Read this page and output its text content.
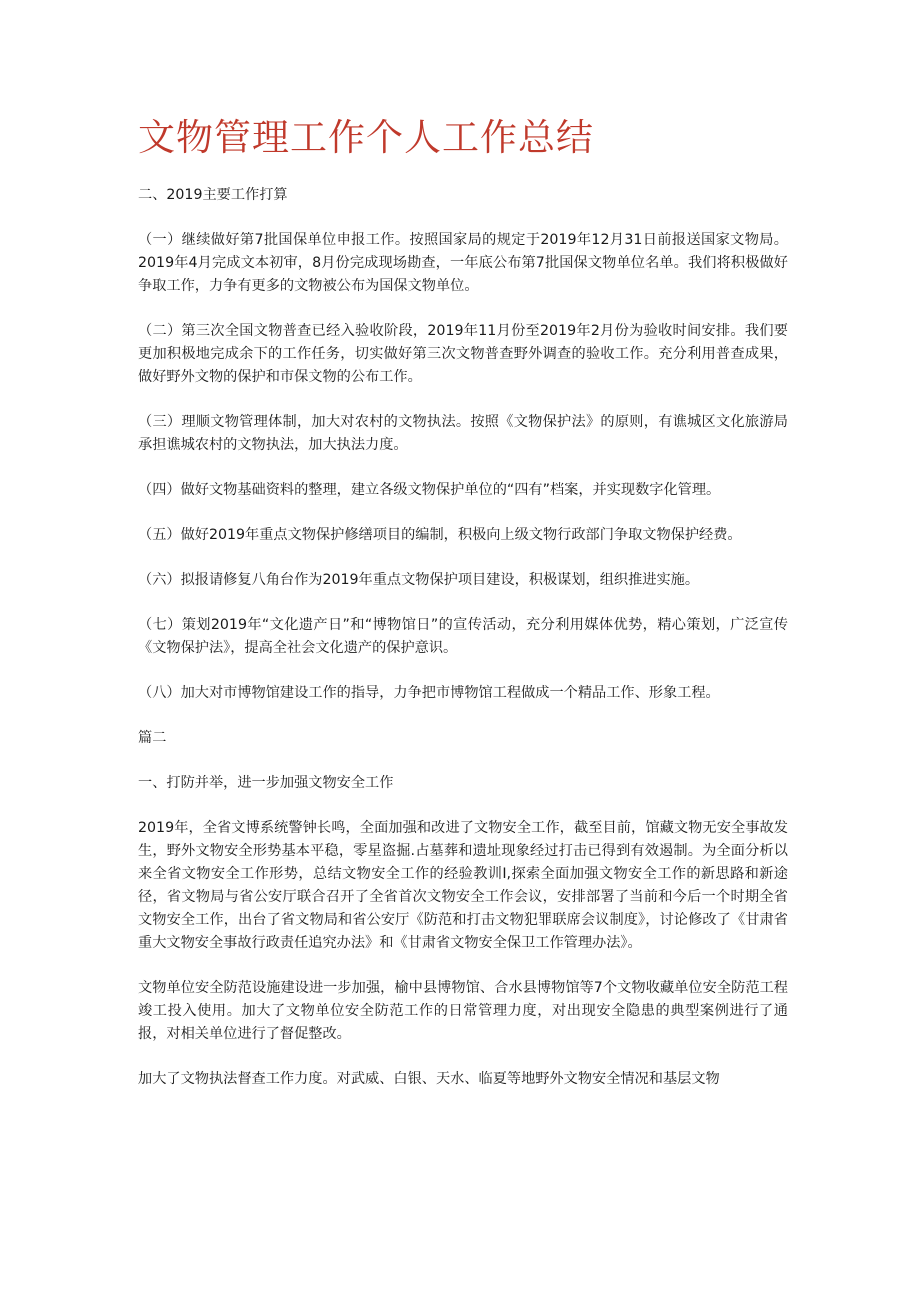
文物管理工作个人工作总结

二、2019主要工作打算

（一）继续做好第7批国保单位申报工作。按照国家局的规定于2019年12月31日前报送国家文物局。2019年4月完成文本初审，8月份完成现场勘查，一年底公布第7批国保文物单位名单。我们将积极做好争取工作，力争有更多的文物被公布为国保文物单位。

（二）第三次全国文物普查已经入验收阶段，2019年11月份至2019年2月份为验收时间安排。我们要更加积极地完成余下的工作任务，切实做好第三次文物普查野外调查的验收工作。充分利用普查成果，做好野外文物的保护和市保文物的公布工作。

（三）理顺文物管理体制，加大对农村的文物执法。按照《文物保护法》的原则，有谯城区文化旅游局承担谯城农村的文物执法，加大执法力度。

（四）做好文物基础资料的整理，建立各级文物保护单位的“四有”档案，并实现数字化管理。

（五）做好2019年重点文物保护修缮项目的编制，积极向上级文物行政部门争取文物保护经费。

（六）拟报请修复八角台作为2019年重点文物保护项目建设，积极谋划，组织推进实施。

（七）策划2019年“文化遗产日”和“博物馆日”的宣传活动，充分利用媒体优势，精心策划，广泛宣传《文物保护法》，提高全社会文化遗产的保护意识。

（八）加大对市博物馆建设工作的指导，力争把市博物馆工程做成一个精品工作、形象工程。

篇二

一、打防并举，进一步加强文物安全工作

2019年，全省文博系统警钟长鸣，全面加强和改进了文物安全工作，截至目前，馆藏文物无安全事故发生，野外文物安全形势基本平稳，零星盗掘.占墓葬和遗址现象经过打击已得到有效遏制。为全面分析以来全省文物安全工作形势，总结文物安全工作的经验教训I,探索全面加强文物安全工作的新思路和新途径，省文物局与省公安厅联合召开了全省首次文物安全工作会议，安排部署了当前和今后一个时期全省文物安全工作，出台了省文物局和省公安厅《防范和打击文物犯罪联席会议制度》，讨论修改了《甘肃省重大文物安全事故行政责任追究办法》和《甘肃省文物安全保卫工作管理办法》。

文物单位安全防范设施建设进一步加强，榆中县博物馆、合水县博物馆等7个文物收藏单位安全防范工程竣工投入使用。加大了文物单位安全防范工作的日常管理力度，对出现安全隐患的典型案例进行了通报，对相关单位进行了督促整改。

加大了文物执法督查工作力度。对武威、白银、天水、临夏等地野外文物安全情况和基层文物
